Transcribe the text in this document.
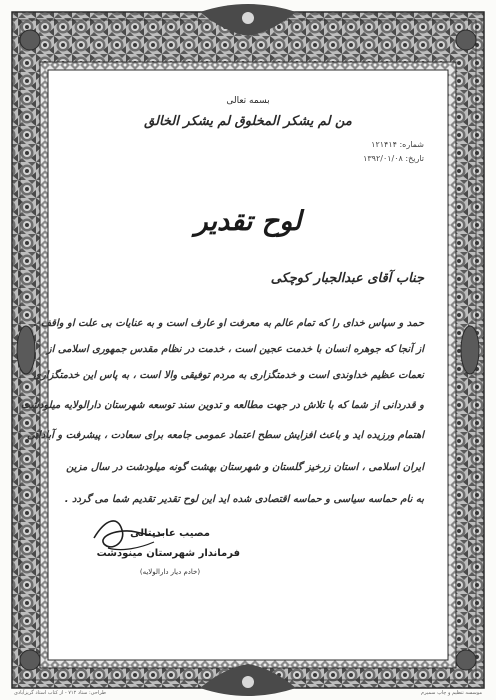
بسمه تعالی
من لم یشکر المخلوق لم یشکر الخالق
شماره: ۱۲۱۴۱۴
تاریخ: ۱۳۹۲/۰۱/۰۸
لوح تقدیر
جناب آقای عبدالجبار کوچکی
حمد و سپاس خدای را که تمام عالم به معرفت او عارف است و به عنایات بی علت او واقف .
از آنجا که جوهره انسان با خدمت عجین است ، خدمت در نظام مقدس جمهوری اسلامی از
نعمات عظیم خداوندی است و خدمتگزاری به مردم توفیقی والا است ، به پاس این خدمتگزاری
و قدردانی از شما که با تلاش در جهت مطالعه و تدوین سند توسعه شهرستان دارالولایه میلودشت
اهتمام ورزیده اید و باعث افزایش سطح اعتماد عمومی جامعه برای سعادت ، پیشرفت و آبادانی
ایران اسلامی ، استان زرخیز گلستان و شهرستان بهشت گونه میلودشت در سال مزین
به نام حماسه سیاسی و حماسه اقتصادی شده اید این لوح تقدیر تقدیم شما می گردد .
مصیب عابدیتالی
فرماندار شهرستان مینودشت
(خادم دیار دارالولایه)
طراحی: ستاد ۷۱۲ - از کتاب استاد گریزآبادی	موسسه تنظیم و چاپ سمیرم
